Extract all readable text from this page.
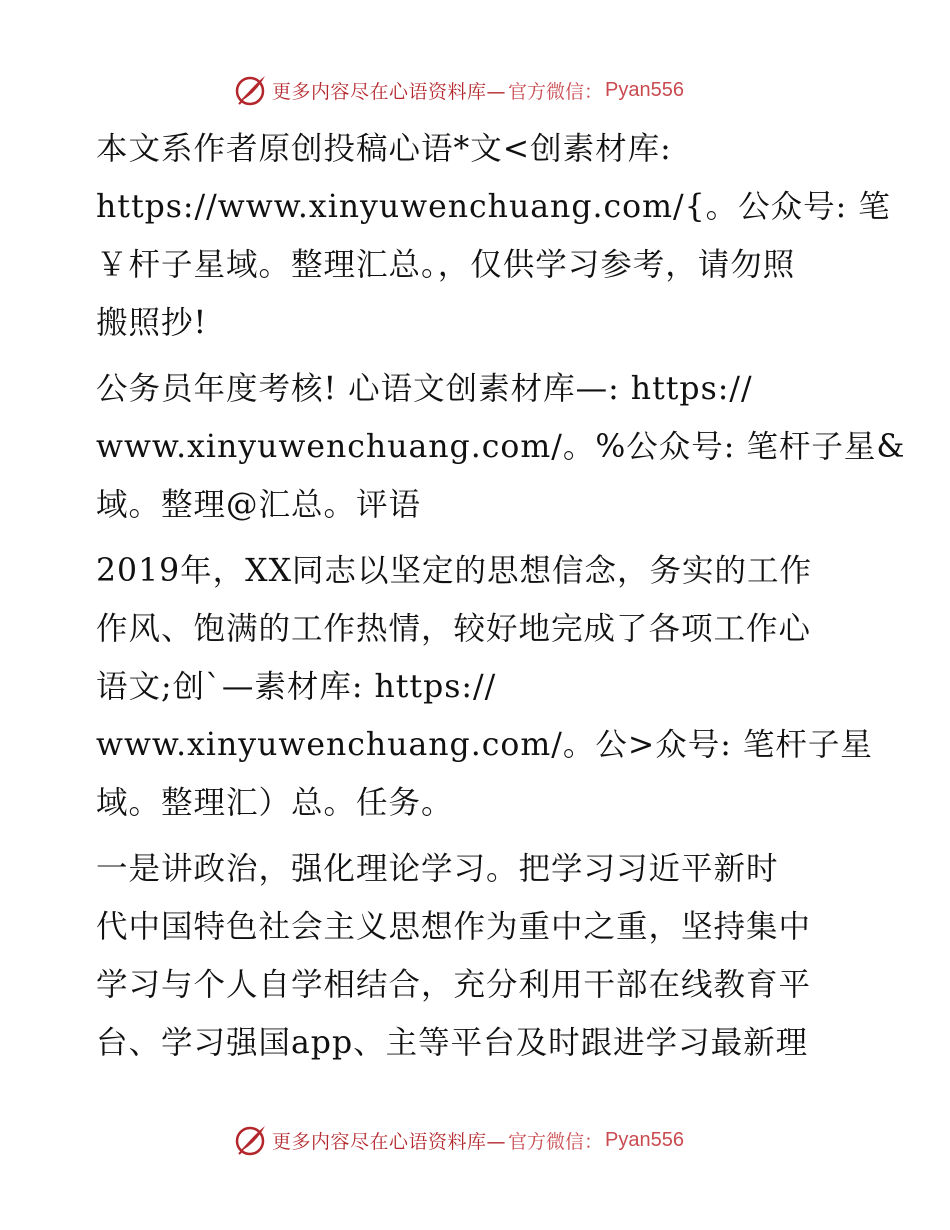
更多内容尽在心语资料库— 官方微信： Pyan556

本文系作者原创投稿心语*文<创素材库:
https://www.xinyuwenchuang.com/{。公众号: 笔
￥杆子星域。整理汇总。，仅供学习参考，请勿照
搬照抄!

公务员年度考核! 心语文创素材库—: https://
www.xinyuwenchuang.com/。%公众号: 笔杆子星&
域。整理@汇总。评语

2019年，XX同志以坚定的思想信念，务实的工作
作风、饱满的工作热情，较好地完成了各项工作心
语文;创`—素材库: https://
www.xinyuwenchuang.com/。公>众号: 笔杆子星
域。整理汇）总。任务。

一是讲政治，强化理论学习。把学习习近平新时
代中国特色社会主义思想作为重中之重，坚持集中
学习与个人自学相结合，充分利用干部在线教育平
台、学习强国app、主等平台及时跟进学习最新理

更多内容尽在心语资料库— 官方微信： Pyan556
